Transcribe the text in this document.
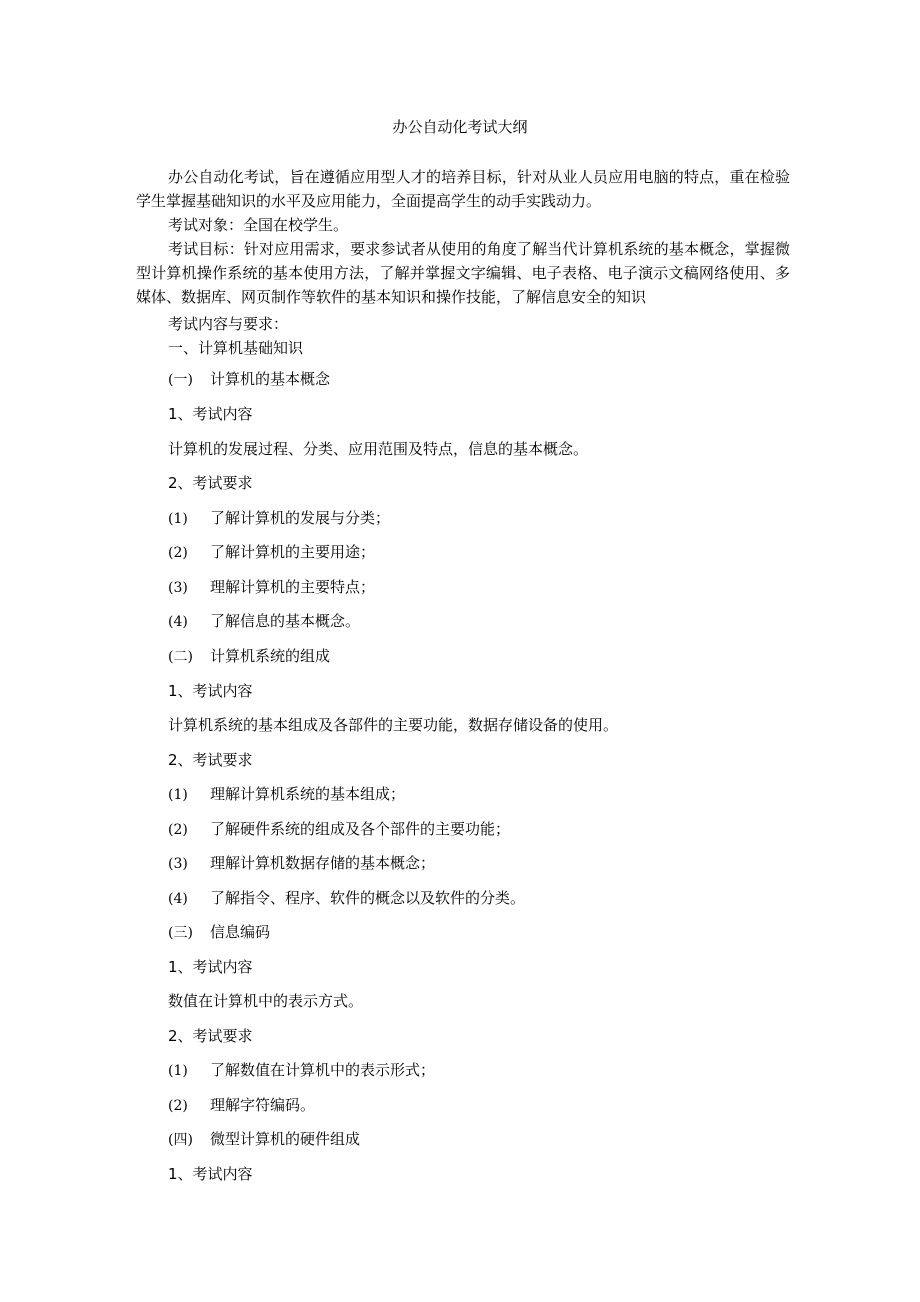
办公自动化考试大纲

办公自动化考试，旨在遵循应用型人才的培养目标，针对从业人员应用电脑的特点，重在检验学生掌握基础知识的水平及应用能力，全面提高学生的动手实践动力。

考试对象：全国在校学生。

考试目标：针对应用需求，要求参试者从使用的角度了解当代计算机系统的基本概念，掌握微型计算机操作系统的基本使用方法，了解并掌握文字编辑、电子表格、电子演示文稿网络使用、多媒体、数据库、网页制作等软件的基本知识和操作技能，了解信息安全的知识

考试内容与要求：
一、计算机基础知识
(一) 计算机的基本概念
1、考试内容
计算机的发展过程、分类、应用范围及特点，信息的基本概念。
2、考试要求
(1) 了解计算机的发展与分类；
(2) 了解计算机的主要用途；
(3) 理解计算机的主要特点；
(4) 了解信息的基本概念。
(二) 计算机系统的组成
1、考试内容
计算机系统的基本组成及各部件的主要功能，数据存储设备的使用。
2、考试要求
(1) 理解计算机系统的基本组成；
(2) 了解硬件系统的组成及各个部件的主要功能；
(3) 理解计算机数据存储的基本概念；
(4) 了解指令、程序、软件的概念以及软件的分类。
(三) 信息编码
1、考试内容
数值在计算机中的表示方式。
2、考试要求
(1) 了解数值在计算机中的表示形式；
(2) 理解字符编码。
(四) 微型计算机的硬件组成
1、考试内容
